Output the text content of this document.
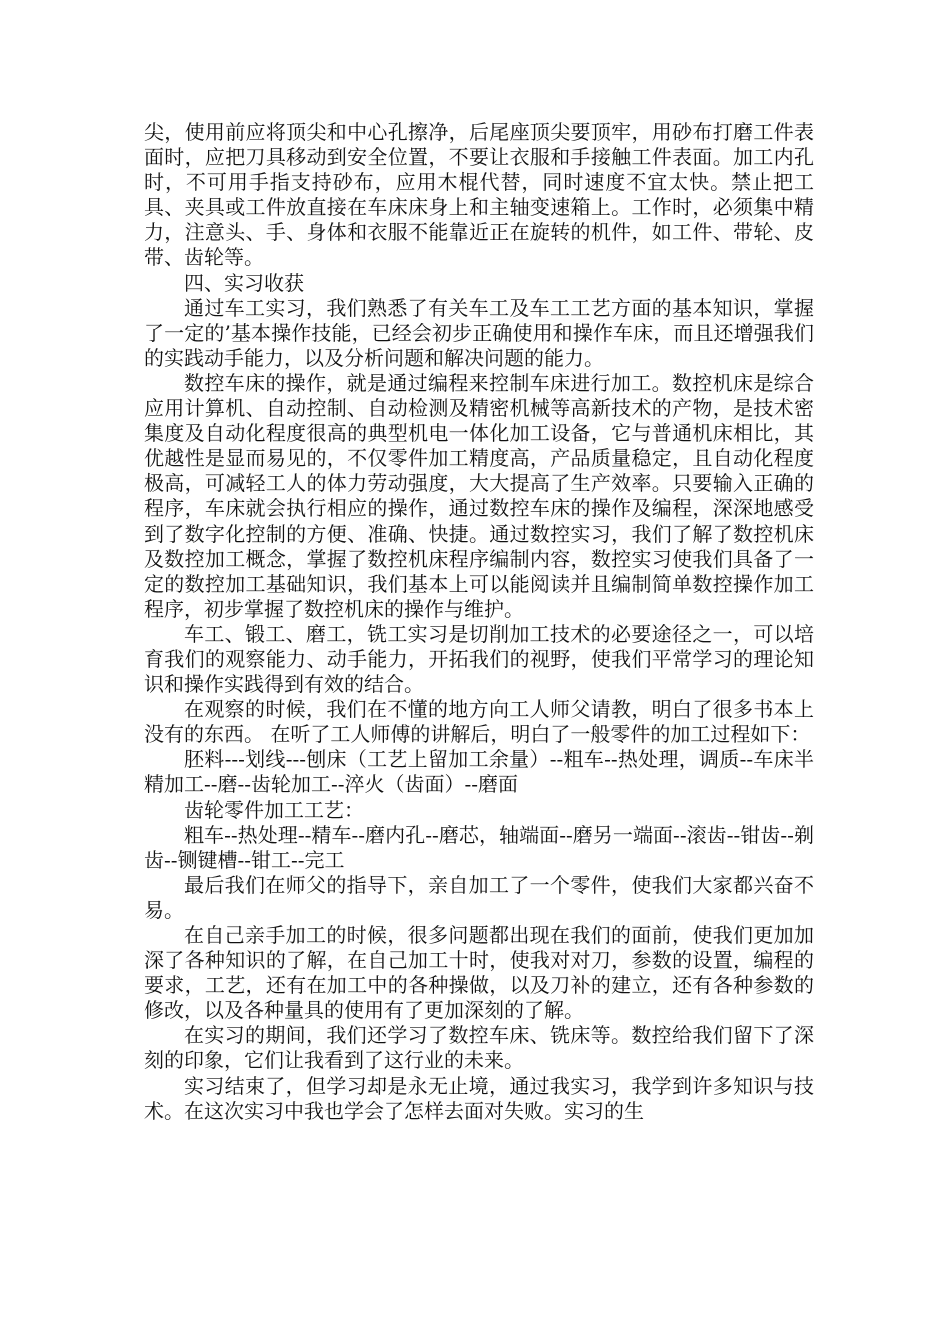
尖，使用前应将顶尖和中心孔擦净，后尾座顶尖要顶牢，用砂布打磨工件表面时，应把刀具移动到安全位置，不要让衣服和手接触工件表面。加工内孔时，不可用手指支持砂布，应用木棍代替，同时速度不宜太快。禁止把工具、夹具或工件放直接在车床床身上和主轴变速箱上。工作时，必须集中精力，注意头、手、身体和衣服不能靠近正在旋转的机件，如工件、带轮、皮带、齿轮等。

四、实习收获

通过车工实习，我们熟悉了有关车工及车工工艺方面的基本知识，掌握了一定的’基本操作技能，已经会初步正确使用和操作车床，而且还增强我们的实践动手能力，以及分析问题和解决问题的能力。

数控车床的操作，就是通过编程来控制车床进行加工。数控机床是综合应用计算机、自动控制、自动检测及精密机械等高新技术的产物，是技术密集度及自动化程度很高的典型机电一体化加工设备，它与普通机床相比，其优越性是显而易见的，不仅零件加工精度高，产品质量稳定，且自动化程度极高，可减轻工人的体力劳动强度，大大提高了生产效率。只要输入正确的程序，车床就会执行相应的操作，通过数控车床的操作及编程，深深地感受到了数字化控制的方便、准确、快捷。通过数控实习，我们了解了数控机床及数控加工概念，掌握了数控机床程序编制内容，数控实习使我们具备了一定的数控加工基础知识，我们基本上可以能阅读并且编制简单数控操作加工程序，初步掌握了数控机床的操作与维护。

车工、锻工、磨工，铣工实习是切削加工技术的必要途径之一，可以培育我们的观察能力、动手能力，开拓我们的视野，使我们平常学习的理论知识和操作实践得到有效的结合。

在观察的时候，我们在不懂的地方向工人师父请教，明白了很多书本上没有的东西。 在听了工人师傅的讲解后，明白了一般零件的加工过程如下：

胚料---划线---刨床（工艺上留加工余量）--粗车--热处理，调质--车床半精加工--磨--齿轮加工--淬火（齿面）--磨面

齿轮零件加工工艺：

粗车--热处理--精车--磨内孔--磨芯，轴端面--磨另一端面--滚齿--钳齿--剃齿--铡键槽--钳工--完工

最后我们在师父的指导下，亲自加工了一个零件，使我们大家都兴奋不易。

在自己亲手加工的时候，很多问题都出现在我们的面前，使我们更加加深了各种知识的了解，在自己加工十时，使我对对刀，参数的设置，编程的要求，工艺，还有在加工中的各种操做，以及刀补的建立，还有各种参数的修改，以及各种量具的使用有了更加深刻的了解。

在实习的期间，我们还学习了数控车床、铣床等。数控给我们留下了深刻的印象，它们让我看到了这行业的未来。

实习结束了，但学习却是永无止境，通过我实习，我学到许多知识与技术。在这次实习中我也学会了怎样去面对失败。实习的生
